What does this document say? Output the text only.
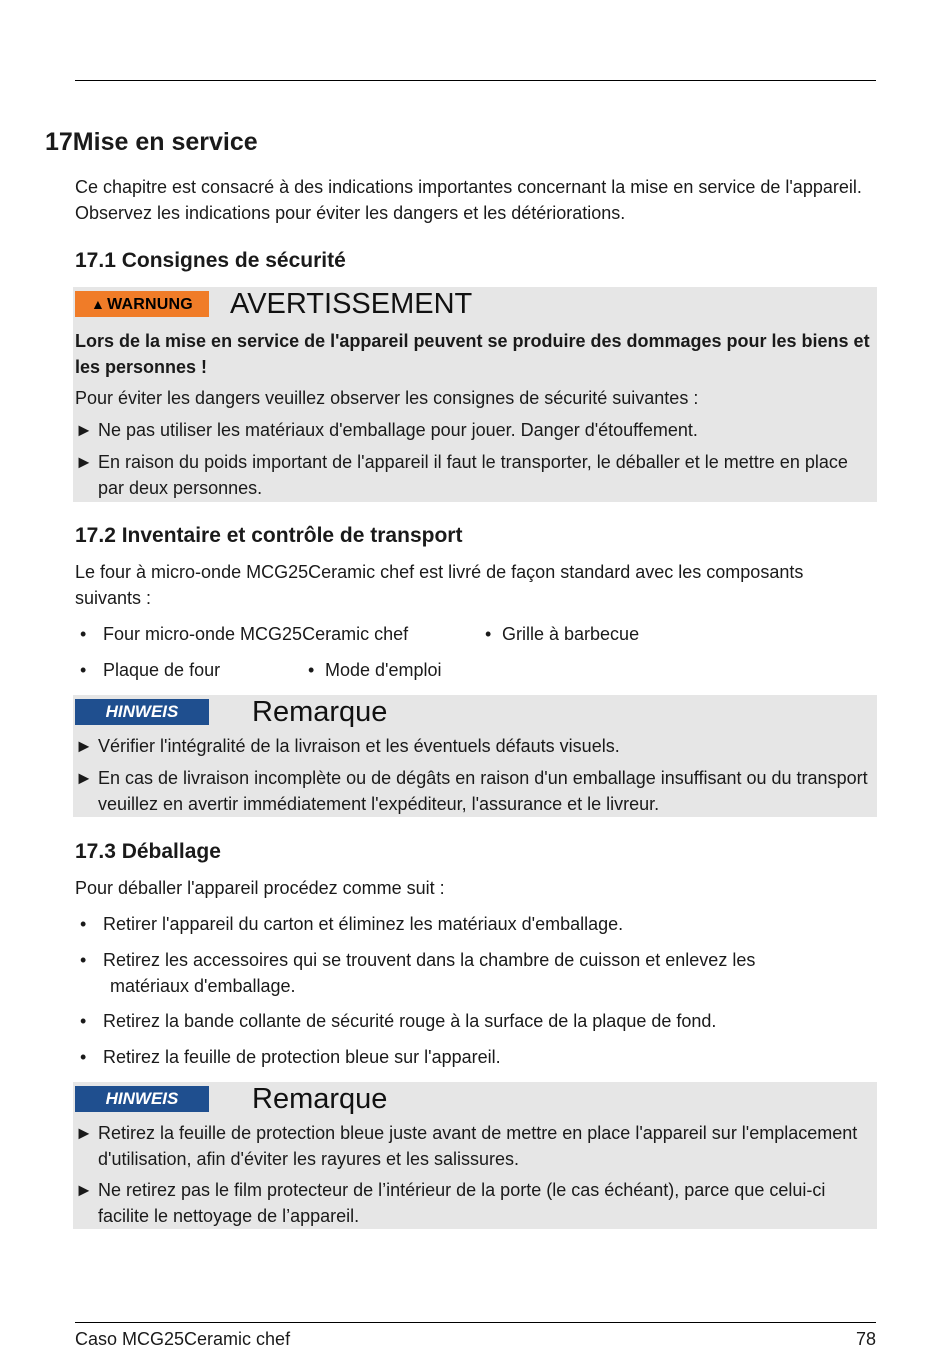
17Mise en service

Ce chapitre est consacré à des indications importantes concernant la mise en service de l'appareil. Observez les indications pour éviter les dangers et les détériorations.

17.1 Consignes de sécurité
▲ WARNUNG	AVERTISSEMENT
Lors de la mise en service de l'appareil peuvent se produire des dommages pour les biens et les personnes !
Pour éviter les dangers veuillez observer les consignes de sécurité suivantes :
► Ne pas utiliser les matériaux d'emballage pour jouer. Danger d'étouffement.
► En raison du poids important de l'appareil il faut le transporter, le déballer et le mettre en place par deux personnes.
17.2 Inventaire et contrôle de transport

Le four à micro-onde MCG25Ceramic chef est livré de façon standard avec les composants suivants :

• Four micro-onde MCG25Ceramic chef	• Grille à barbecue
• Plaque de four	• Mode d'emploi
HINWEIS	Remarque
► Vérifier l'intégralité de la livraison et les éventuels défauts visuels.
► En cas de livraison incomplète ou de dégâts en raison d'un emballage insuffisant ou du transport veuillez en avertir immédiatement l'expéditeur, l'assurance et le livreur.
17.3 Déballage

Pour déballer l'appareil procédez comme suit :

• Retirer l'appareil du carton et éliminez les matériaux d'emballage.
• Retirez les accessoires qui se trouvent dans la chambre de cuisson et enlevez les
matériaux d'emballage.
• Retirez la bande collante de sécurité rouge à la surface de la plaque de fond.
• Retirez la feuille de protection bleue sur l'appareil.
HINWEIS	Remarque
► Retirez la feuille de protection bleue juste avant de mettre en place l'appareil sur l'emplacement d'utilisation, afin d'éviter les rayures et les salissures.
► Ne retirez pas le film protecteur de l’intérieur de la porte (le cas échéant), parce que celui-ci facilite le nettoyage de l’appareil.
Caso MCG25Ceramic chef	78
